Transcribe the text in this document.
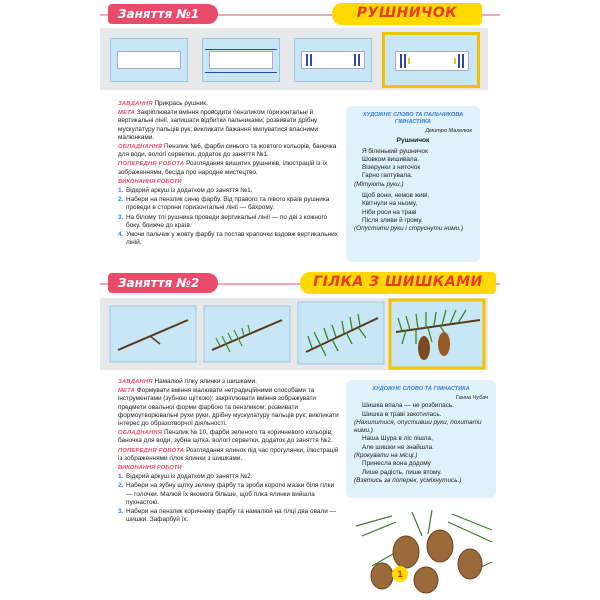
Заняття №1	РУШНИЧОК

ЗАВДАННЯ Прикрась рушник.

МЕТА Закріплювати вміння проводити пензликом горизонтальні й вертикальні лінії, запишати відбитки пальчиками; розвивати дрібну мускулатуру пальців рук; викликати бажання милуватися власними малюнками.

ОБЛАДНАННЯ Пензлик №6, фарби синього та жовтого кольорів, баночка для води, вологі серветки, додаток до заняття №1.

ПОПЕРЕДНЯ РОБОТА Розглядання вишитих рушників, ілюстрацій із їх зображеннями, бесіда про народне мистецтво.

ВИКОНАННЯ РОБОТИ
1. Відкрий аркуш із додатком до заняття №1.
2. Набери на пензлик синю фарбу. Від правого та лівого країв рушника проведи в сторони горизонтальні лінії — бахрому.
3. На білому тлі рушника проведи вертикальні лінії — по дві з кожного боку, ближче до країв.
4. Умочи пальчик у жовту фарбу та постав крапочки вздовж вертикальних ліній.
ХУДОЖНЄ СЛОВО ТА ПАЛЬЧИКОВА ГІМНАСТИКА
Дмитро Махелюк
Рушничок
Я біленький рушничок
Шовком вишивала.
Візерунки з ниточок
Гарно гаптувала.
(Мітують руки.)
Щоб вони, немов живі,
Квітнули на ньому,
Ніби роси на траві
Після зливи й грому.
(Опустити руки і струснути ними.)
Заняття №2	ГІЛКА З ШИШКАМИ

ЗАВДАННЯ Намалюй гілку ялинки з шишками.

МЕТА Формувати вміння малювати нетрадиційними способами та інструментами (зубною щіткою); закріплювати вміння зображувати предмети овальної форми фарбою та пензликом; розвивати формоутворювальні рухи руки, дрібну мускулатуру пальців рук; викликати інтерес до образотворчої діяльності.

ОБЛАДНАННЯ Пензлик № 10, фарби зеленого та коричневого кольорів, баночка для води, зубна щітка, вологі серветки, додаток до заняття №2.

ПОПЕРЕДНЯ РОБОТА Розглядання ялинок під час прогулянки, ілюстрацій із зображеннями гілок ялинки з шишками.

ВИКОНАННЯ РОБОТИ
1. Відкрий аркуш із додатком до заняття №2.
2. Набери на зубну щітку зелену фарбу та зроби короткі мазки біля гілки — голочки. Малюй їх якомога більше, щоб гілка ялинки вийшла пухнастою.
3. Набери на пензлик коричневу фарбу та намалюй на гілці два овали — шишки. Зафарбуй їх.
ХУДОЖНЄ СЛОВО ТА ГІМНАСТИКА
Ганна Чубач
Шишка впала — не розбилась.
Шишка в траві закотилась.
(Нахилитися, опустивши руки, похитати ними.)
Наша Шура в ліс пішла,
Але шишки не знайшла.
(Крокувати на місці.)
Принесла вона додому
Лише радість, лише втому.
(Взятись за поперек, усміхнутись.)
1
